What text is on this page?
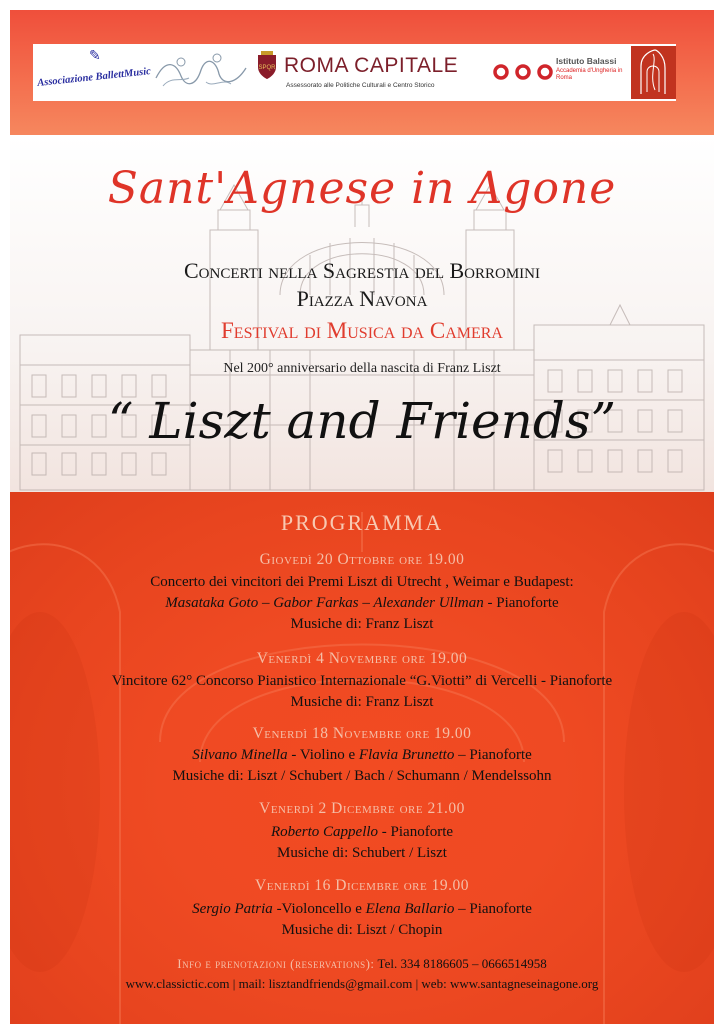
✎
Associazione BallettMusic	SPQR ROMA CAPITALE
Assessorato alle Politiche Culturali e Centro Storico
Istituto Balassi
Accademia d'Ungheria in Roma
Sant'Agnese in Agone
Concerti nella Sagrestia del Borromini
Piazza Navona
Festival di Musica da Camera
Nel 200° anniversario della nascita di Franz Liszt
“ Liszt and Friends”
PROGRAMMA
Giovedì 20 Ottobre ore 19.00
Concerto dei vincitori dei Premi Liszt di Utrecht , Weimar e Budapest:
Masataka Goto – Gabor Farkas – Alexander Ullman - Pianoforte
Musiche di: Franz Liszt
Venerdì 4 Novembre ore 19.00
Vincitore 62° Concorso Pianistico Internazionale “G.Viotti” di Vercelli - Pianoforte
Musiche di: Franz Liszt
Venerdì 18 Novembre ore 19.00
Silvano Minella - Violino e Flavia Brunetto – Pianoforte
Musiche di: Liszt / Schubert / Bach / Schumann / Mendelssohn
Venerdì 2 Dicembre ore 21.00
Roberto Cappello - Pianoforte
Musiche di: Schubert / Liszt
Venerdì 16 Dicembre ore 19.00
Sergio Patria -Violoncello e Elena Ballario – Pianoforte
Musiche di: Liszt / Chopin
Info e prenotazioni (reservations): Tel. 334 8186605 – 0666514958
www.classictic.com | mail: lisztandfriends@gmail.com | web: www.santagneseinagone.org
